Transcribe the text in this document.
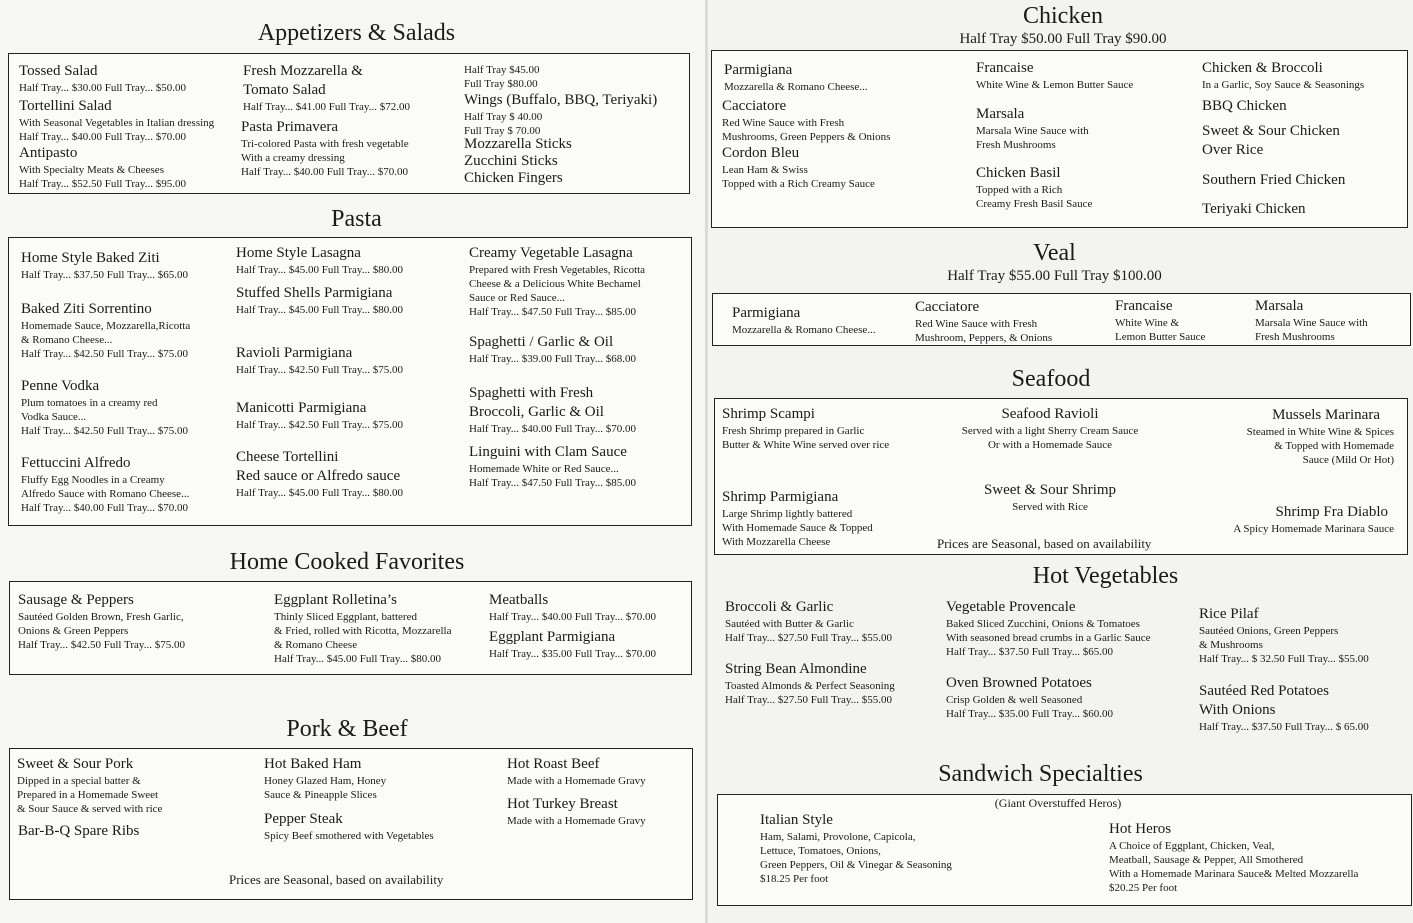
Appetizers & Salads
Tossed Salad
Half Tray... $30.00 Full Tray... $50.00
Tortellini Salad
With Seasonal Vegetables in Italian dressing
Half Tray... $40.00 Full Tray... $70.00
Antipasto
With Specialty Meats & Cheeses
Half Tray... $52.50 Full Tray... $95.00
Fresh Mozzarella &
Tomato Salad
Half Tray... $41.00 Full Tray... $72.00
Pasta Primavera
Tri-colored Pasta with fresh vegetable
With a creamy dressing
Half Tray... $40.00 Full Tray... $70.00
Half Tray $45.00
Full Tray $80.00
Wings (Buffalo, BBQ, Teriyaki)
Half Tray $ 40.00
Full Tray $ 70.00
Mozzarella Sticks
Zucchini Sticks
Chicken Fingers
Pasta
Home Style Baked Ziti
Half Tray... $37.50 Full Tray... $65.00
Baked Ziti Sorrentino
Homemade Sauce, Mozzarella,Ricotta
& Romano Cheese...
Half Tray... $42.50 Full Tray... $75.00
Penne Vodka
Plum tomatoes in a creamy red
Vodka Sauce...
Half Tray... $42.50 Full Tray... $75.00
Fettuccini Alfredo
Fluffy Egg Noodles in a Creamy
Alfredo Sauce with Romano Cheese...
Half Tray... $40.00 Full Tray... $70.00
Home Style Lasagna
Half Tray... $45.00 Full Tray... $80.00
Stuffed Shells Parmigiana
Half Tray... $45.00 Full Tray... $80.00
Ravioli Parmigiana
Half Tray... $42.50 Full Tray... $75.00
Manicotti Parmigiana
Half Tray... $42.50 Full Tray... $75.00
Cheese Tortellini
Red sauce or Alfredo sauce
Half Tray... $45.00 Full Tray... $80.00
Creamy Vegetable Lasagna
Prepared with Fresh Vegetables, Ricotta
Cheese & a Delicious White Bechamel
Sauce or Red Sauce...
Half Tray... $47.50 Full Tray... $85.00
Spaghetti / Garlic & Oil
Half Tray... $39.00 Full Tray... $68.00
Spaghetti with Fresh
Broccoli, Garlic & Oil
Half Tray... $40.00 Full Tray... $70.00
Linguini with Clam Sauce
Homemade White or Red Sauce...
Half Tray... $47.50 Full Tray... $85.00
Home Cooked Favorites
Sausage & Peppers
Sautéed Golden Brown, Fresh Garlic,
Onions & Green Peppers
Half Tray... $42.50 Full Tray... $75.00
Eggplant Rolletina’s
Thinly Sliced Eggplant, battered
& Fried, rolled with Ricotta, Mozzarella
& Romano Cheese
Half Tray... $45.00 Full Tray... $80.00
Meatballs
Half Tray... $40.00 Full Tray... $70.00
Eggplant Parmigiana
Half Tray... $35.00 Full Tray... $70.00
Pork & Beef
Sweet & Sour Pork
Dipped in a special batter &
Prepared in a Homemade Sweet
& Sour Sauce & served with rice
Bar-B-Q Spare Ribs
Hot Baked Ham
Honey Glazed Ham, Honey
Sauce & Pineapple Slices
Pepper Steak
Spicy Beef smothered with Vegetables
Hot Roast Beef
Made with a Homemade Gravy
Hot Turkey Breast
Made with a Homemade Gravy
Prices are Seasonal, based on availability
Chicken
Half Tray $50.00 Full Tray $90.00
Parmigiana
Mozzarella & Romano Cheese...
Cacciatore
Red Wine Sauce with Fresh
Mushrooms, Green Peppers & Onions
Cordon Bleu
Lean Ham & Swiss
Topped with a Rich Creamy Sauce
Francaise
White Wine & Lemon Butter Sauce
Marsala
Marsala Wine Sauce with
Fresh Mushrooms
Chicken Basil
Topped with a Rich
Creamy Fresh Basil Sauce
Chicken & Broccoli
In a Garlic, Soy Sauce & Seasonings
BBQ Chicken
Sweet & Sour Chicken
Over Rice
Southern Fried Chicken
Teriyaki Chicken
Veal
Half Tray $55.00 Full Tray $100.00
Parmigiana
Mozzarella & Romano Cheese...
Cacciatore
Red Wine Sauce with Fresh
Mushroom, Peppers, & Onions
Francaise
White Wine &
Lemon Butter Sauce
Marsala
Marsala Wine Sauce with
Fresh Mushrooms
Seafood
Shrimp Scampi
Fresh Shrimp prepared in Garlic
Butter & White Wine served over rice
Shrimp Parmigiana
Large Shrimp lightly battered
With Homemade Sauce & Topped
With Mozzarella Cheese
Seafood Ravioli
Served with a light Sherry Cream Sauce
Or with a Homemade Sauce
Sweet & Sour Shrimp
Served with Rice
Mussels Marinara
Steamed in White Wine & Spices
& Topped with Homemade
Sauce (Mild Or Hot)
Shrimp Fra Diablo
A Spicy Homemade Marinara Sauce
Prices are Seasonal, based on availability
Hot Vegetables
Broccoli & Garlic
Sautéed with Butter & Garlic
Half Tray... $27.50 Full Tray... $55.00
String Bean Almondine
Toasted Almonds & Perfect Seasoning
Half Tray... $27.50 Full Tray... $55.00
Vegetable Provencale
Baked Sliced Zucchini, Onions & Tomatoes
With seasoned bread crumbs in a Garlic Sauce
Half Tray... $37.50 Full Tray... $65.00
Oven Browned Potatoes
Crisp Golden & well Seasoned
Half Tray... $35.00 Full Tray... $60.00
Rice Pilaf
Sautéed Onions, Green Peppers
& Mushrooms
Half Tray... $ 32.50 Full Tray... $55.00
Sautéed Red Potatoes
With Onions
Half Tray... $37.50 Full Tray... $ 65.00
Sandwich Specialties
(Giant Overstuffed Heros)
Italian Style
Ham, Salami, Provolone, Capicola,
Lettuce, Tomatoes, Onions,
Green Peppers, Oil & Vinegar & Seasoning
$18.25 Per foot
Hot Heros
A Choice of Eggplant, Chicken, Veal,
Meatball, Sausage & Pepper, All Smothered
With a Homemade Marinara Sauce& Melted Mozzarella
$20.25 Per foot
